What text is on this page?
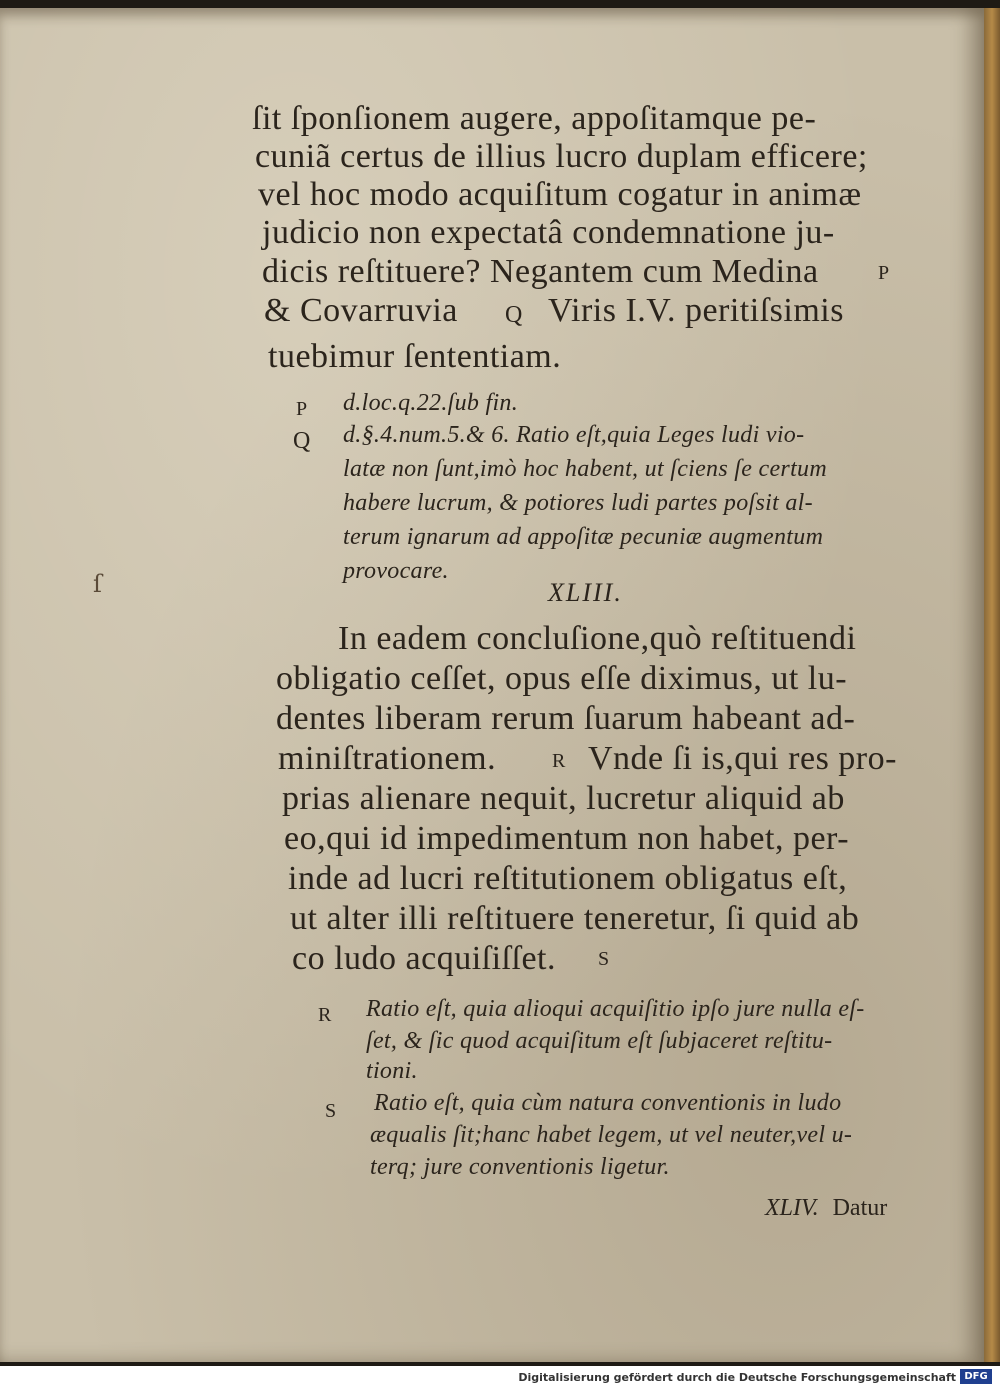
ſit ſponſionem augere, appoſitamque pe-
cuniã certus de illius lucro duplam efficere;
vel hoc modo acquiſitum cogatur in animæ
judicio non expectatâ condemnatione ju-
dicis reſtituere? Negantem cum Medina	P
& Covarruvia Q Viris I.V. peritiſsimis
tuebimur ſententiam.
P d.loc.q.22.ſub fin.
Q d.§.4.num.5.& 6. Ratio eſt,quia Leges ludi vio-
latæ non ſunt,imò hoc habent, ut ſciens ſe certum
habere lucrum, & potiores ludi partes poſsit al-
terum ignarum ad appoſitæ pecuniæ augmentum
provocare.
ſ	XLIII.
In eadem concluſione,quò reſtituendi
obligatio ceſſet, opus eſſe diximus, ut lu-
dentes liberam rerum ſuarum habeant ad-
miniſtrationem.	R Vnde ſi is,qui res pro-
prias alienare nequit, lucretur aliquid ab
eo,qui id impedimentum non habet, per-
inde ad lucri reſtitutionem obligatus eſt,
ut alter illi reſtituere teneretur, ſi quid ab
co ludo acquiſiſſet. S
R Ratio eſt, quia alioqui acquiſitio ipſo jure nulla eſ-
ſet, & ſic quod acquiſitum eſt ſubjaceret reſtitu-
tioni.
S Ratio eſt, quia cùm natura conventionis in ludo
æqualis ſit;hanc habet legem, ut vel neuter,vel u-
terq; jure conventionis ligetur.
XLIV. Datur
Digitalisierung gefördert durch die Deutsche Forschungsgemeinschaft DFG
